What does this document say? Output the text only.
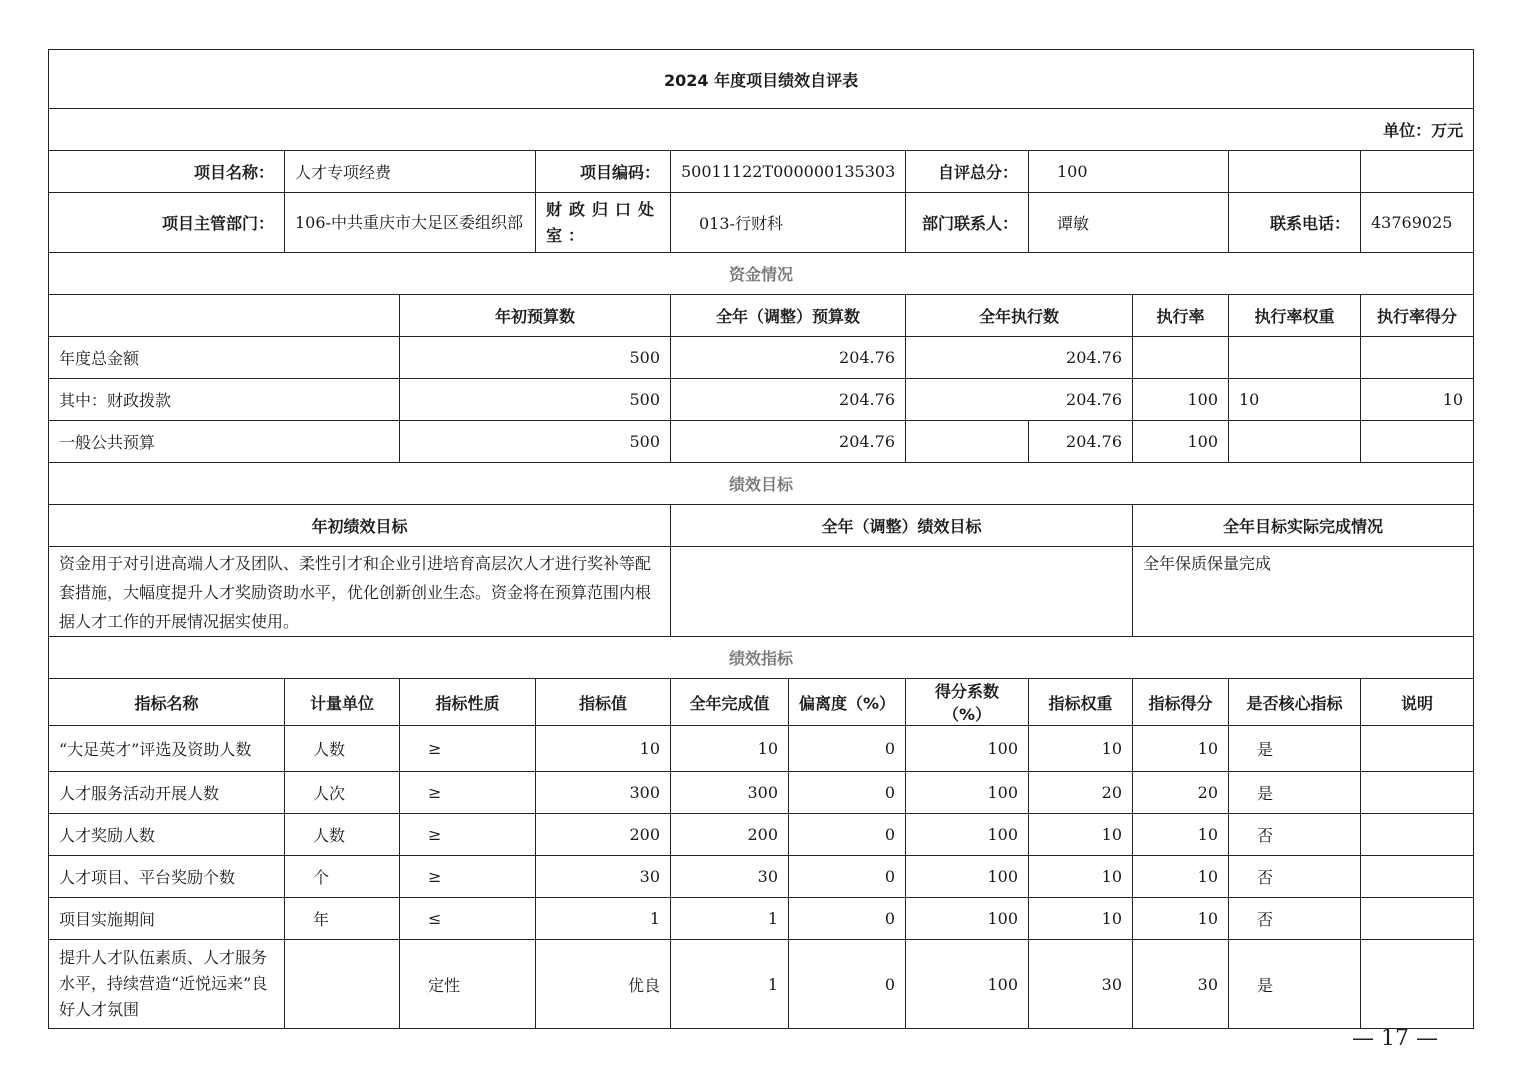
2024 年度项目绩效自评表										
单位：万元										
项目名称：	人才专项经费		项目编码：	50011122T000000135303		自评总分：	100			
项目主管部门：	106-中共重庆市大足区委组织部		财政归口处室：	013-行财科		部门联系人：	谭敏		联系电话：	43769025
资金情况										
		年初预算数		全年（调整）预算数		全年执行数		执行率	执行率权重	执行率得分
年度总金额		500		204.76		204.76				
其中：财政拨款		500		204.76		204.76		100	10	10
一般公共预算		500		204.76			204.76	100		
绩效目标										
年初绩效目标				全年（调整）绩效目标				全年目标实际完成情况		
资金用于对引进高端人才及团队、柔性引才和企业引进培育高层次人才进行奖补等配套措施，大幅度提升人才奖励资助水平，优化创新创业生态。资金将在预算范围内根据人才工作的开展情况据实使用。								全年保质保量完成		
绩效指标										
指标名称	计量单位	指标性质	指标值	全年完成值	偏离度（%）	得分系数（%）	指标权重	指标得分	是否核心指标	说明
“大足英才”评选及资助人数	人数	≥	10	10	0	100	10	10	是	
人才服务活动开展人数	人次	≥	300	300	0	100	20	20	是	
人才奖励人数	人数	≥	200	200	0	100	10	10	否	
人才项目、平台奖励个数	个	≥	30	30	0	100	10	10	否	
项目实施期间	年	≤	1	1	0	100	10	10	否	
提升人才队伍素质、人才服务水平，持续营造“近悦远来”良好人才氛围		定性	优良	1	0	100	30	30	是	
— 17 —
